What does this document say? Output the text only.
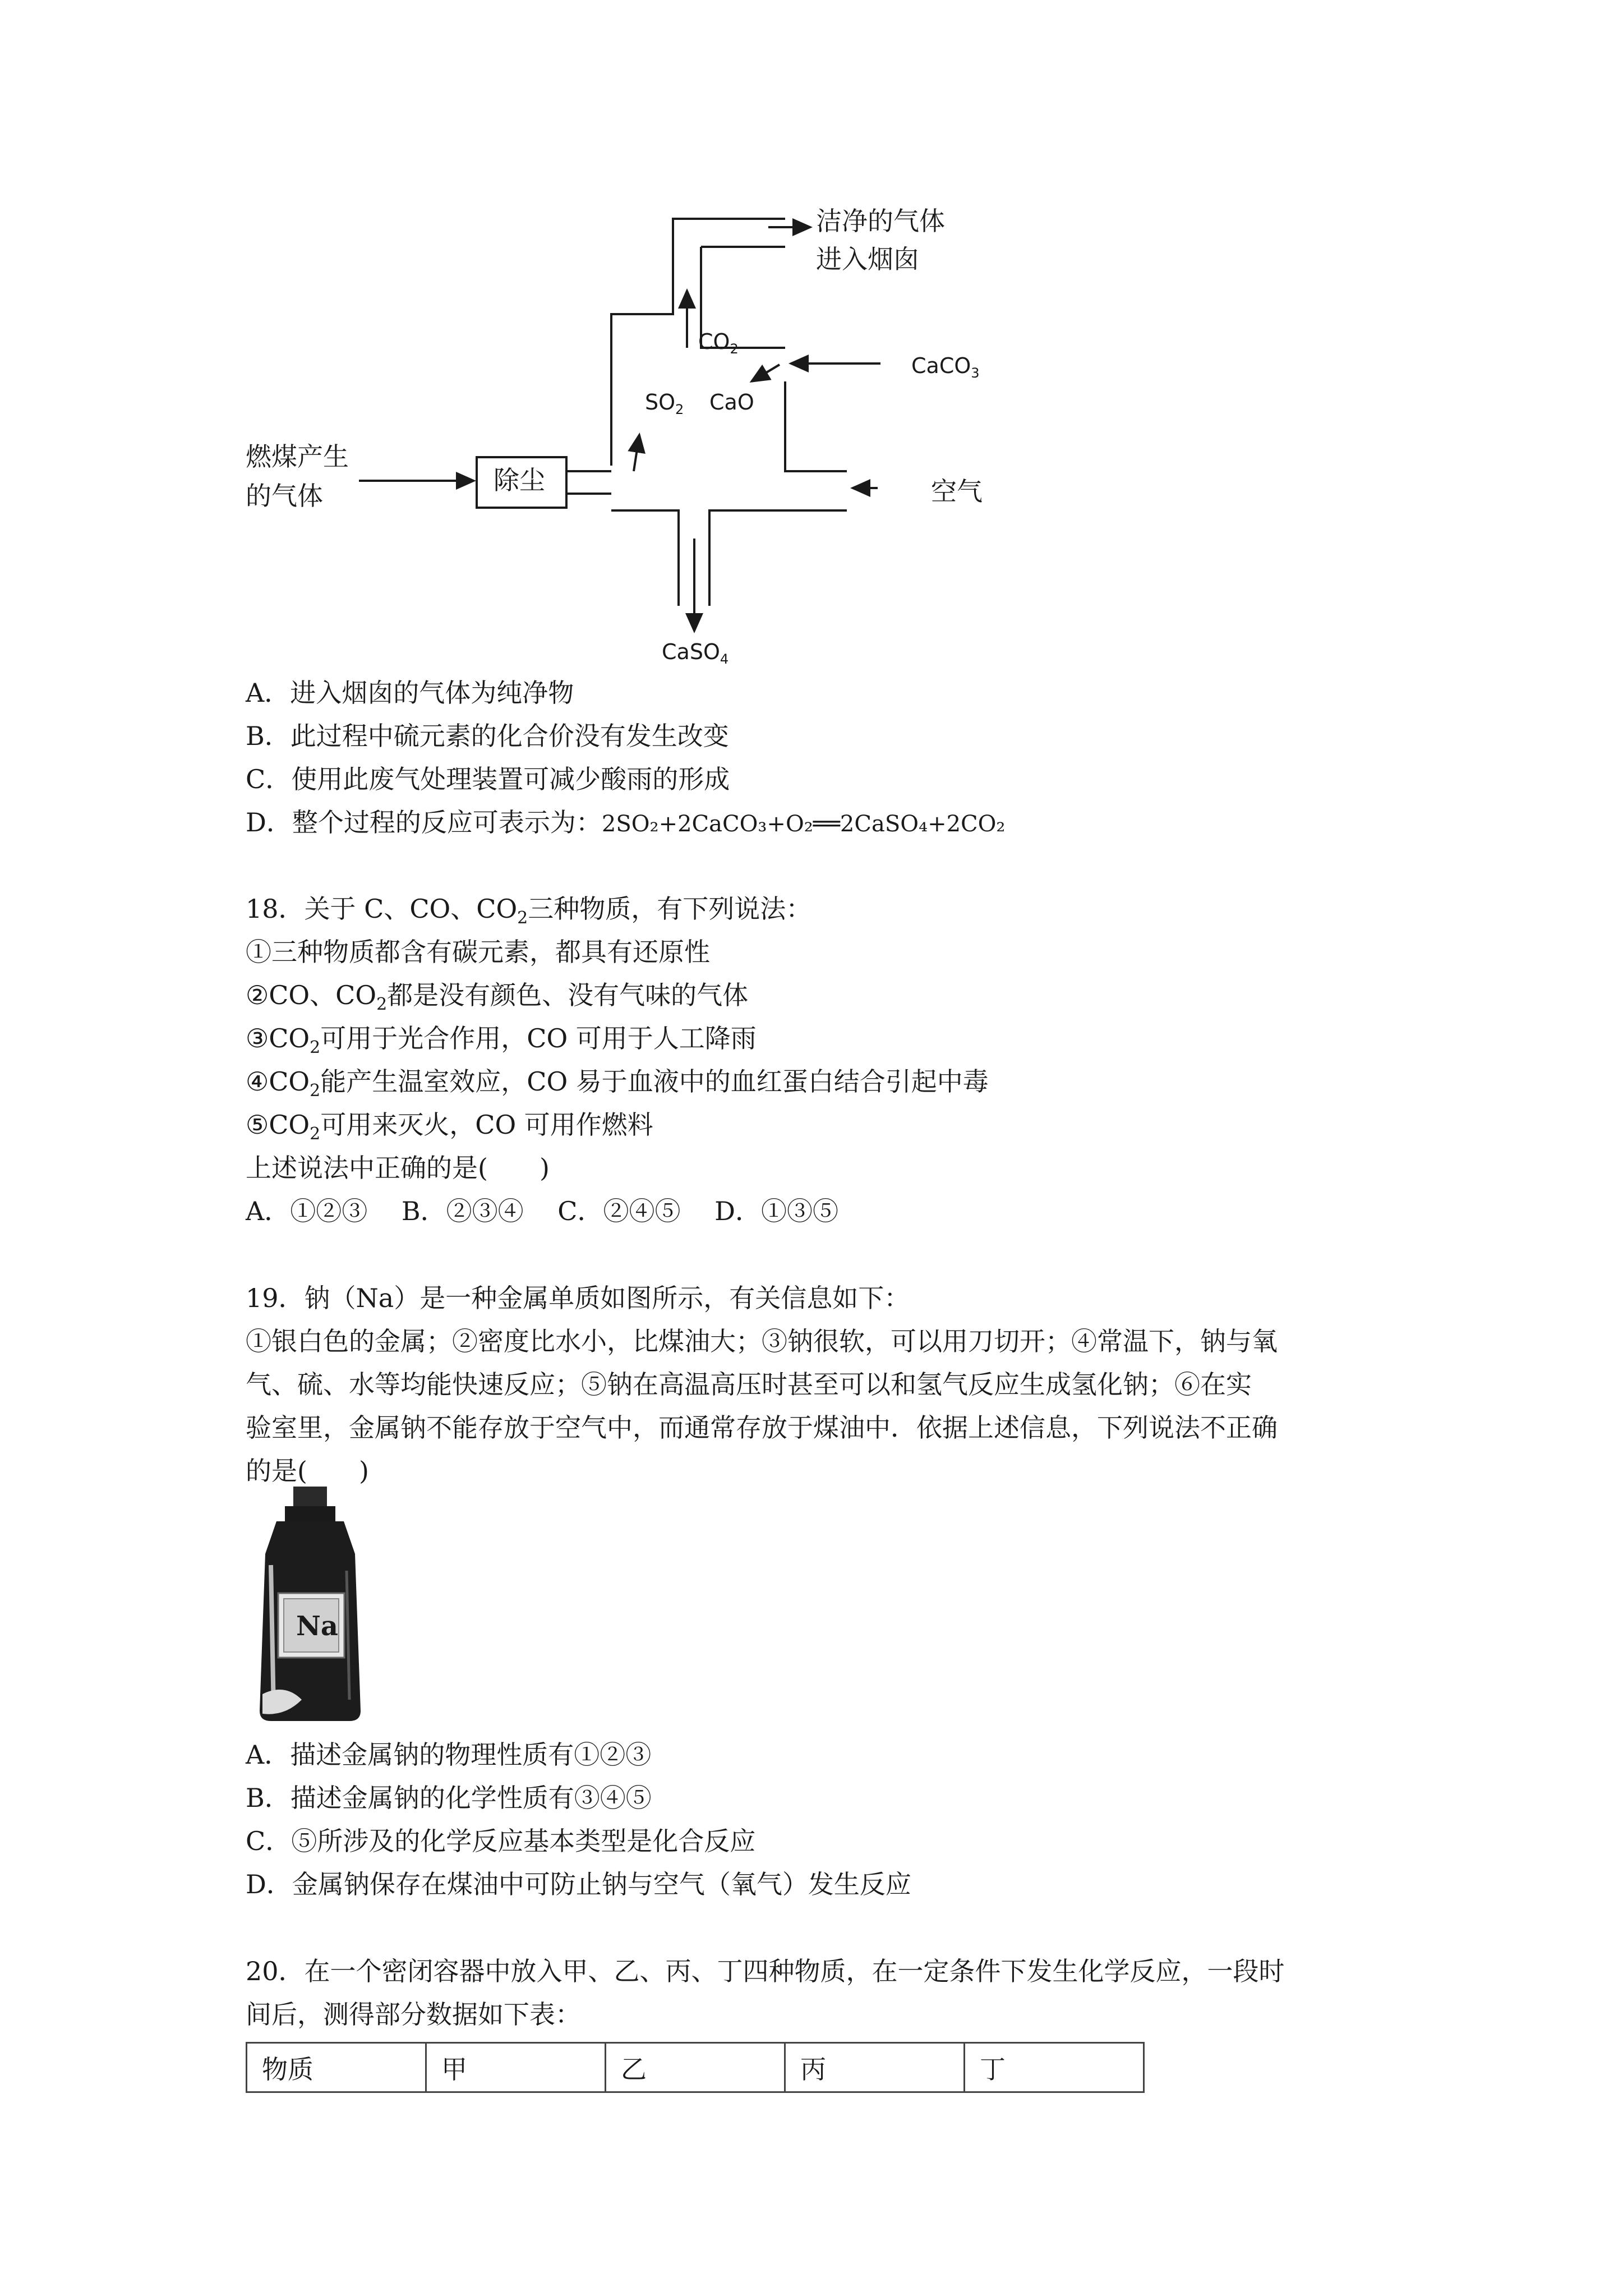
燃煤产生
的气体
除尘
洁净的气体
进入烟囱
$CO_2$
CaCO$_3$
$SO_2$ CaO
空气
CaSO$_4$
A．进入烟囱的气体为纯净物
B．此过程中硫元素的化合价没有发生改变
C．使用此废气处理装置可减少酸雨的形成
D．整个过程的反应可表示为：2SO₂+2CaCO₃+O₂══2CaSO₄+2CO₂
18．关于 C、CO、$CO_2$三种物质，有下列说法：
①三种物质都含有碳元素，都具有还原性
②CO、$CO_2$都是没有颜色、没有气味的气体
$③CO_2$可用于光合作用，CO 可用于人工降雨
$④CO_2$能产生温室效应，CO 易于血液中的血红蛋白结合引起中毒
$⑤CO_2$可用来灭火，CO 可用作燃料
上述说法中正确的是(　　)
A．①②③　 B．②③④　 C．②④⑤　 D．①③⑤
19．钠（Na）是一种金属单质如图所示，有关信息如下：
①银白色的金属；②密度比水小，比煤油大；③钠很软，可以用刀切开；④常温下，钠与氧
气、硫、水等均能快速反应；⑤钠在高温高压时甚至可以和氢气反应生成氢化钠；⑥在实
验室里，金属钠不能存放于空气中，而通常存放于煤油中．依据上述信息，下列说法不正确
的是(　　)
Na
A．描述金属钠的物理性质有①②③
B．描述金属钠的化学性质有③④⑤
C．⑤所涉及的化学反应基本类型是化合反应
D．金属钠保存在煤油中可防止钠与空气（氧气）发生反应
20．在一个密闭容器中放入甲、乙、丙、丁四种物质，在一定条件下发生化学反应，一段时
间后，测得部分数据如下表：
物质	甲	乙	丙	丁
